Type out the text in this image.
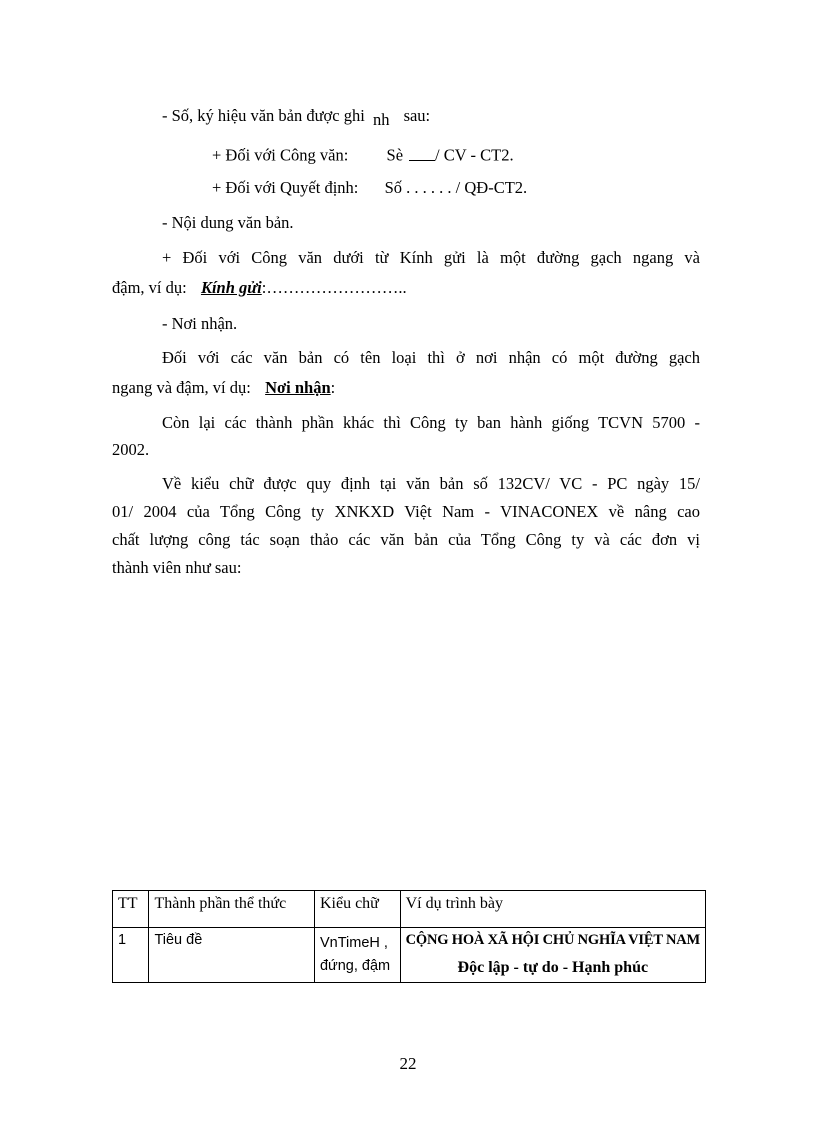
- Số, ký hiệu văn bản được ghi nh sau:
+ Đối với Công văn: Sè / CV - CT2.
+ Đối với Quyết định: Số . . . . . . / QĐ-CT2.
- Nội dung văn bản.
+ Đối với Công văn dưới từ Kính gửi là một đường gạch ngang và
đậm, ví dụ: Kính gửi:……………………..
- Nơi nhận.
Đối với các văn bản có tên loại thì ở nơi nhận có một đường gạch
ngang và đậm, ví dụ: Nơi nhận:
Còn lại các thành phần khác thì Công ty ban hành giống TCVN 5700 -
2002.
Về kiểu chữ được quy định tại văn bản số 132CV/ VC - PC ngày 15/
01/ 2004 của Tổng Công ty XNKXD Việt Nam - VINACONEX về nâng cao
chất lượng công tác soạn thảo các văn bản của Tổng Công ty và các đơn vị
thành viên như sau:
TT	Thành phần thể thức	Kiểu chữ	Ví dụ trình bày
1	Tiêu đề	VnTimeH , đứng, đậm	CỘNG HOÀ XÃ HỘI CHỦ NGHĨA VIỆT NAM
Độc lập - tự do - Hạnh phúc
22
